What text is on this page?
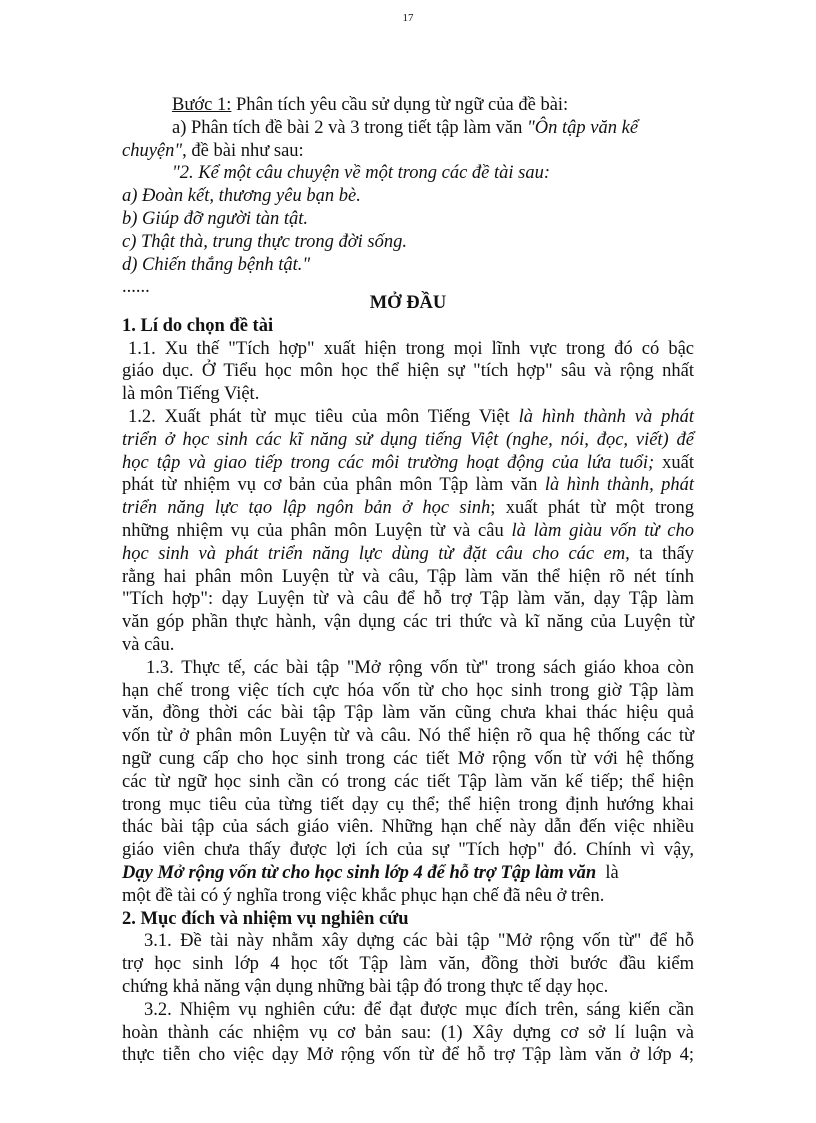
17
Bước 1: Phân tích yêu cầu sử dụng từ ngữ của đề bài:
a) Phân tích đề bài 2 và 3 trong tiết tập làm văn "Ôn tập văn kể
chuyện", đề bài như sau:
"2. Kể một câu chuyện về một trong các đề tài sau:
a) Đoàn kết, thương yêu bạn bè.
b) Giúp đỡ người tàn tật.
c) Thật thà, trung thực trong đời sống.
d) Chiến thắng bệnh tật."
......
MỞ ĐẦU
1. Lí do chọn đề tài
1.1. Xu thế "Tích hợp" xuất hiện trong mọi lĩnh vực trong đó có bậc
giáo dục. Ở Tiểu học môn học thể hiện sự "tích hợp" sâu và rộng nhất
là môn Tiếng Việt.
1.2. Xuất phát từ mục tiêu của môn Tiếng Việt là hình thành và phát
triển ở học sinh các kĩ năng sử dụng tiếng Việt (nghe, nói, đọc, viết) để
học tập và giao tiếp trong các môi trường hoạt động của lứa tuổi; xuất
phát từ nhiệm vụ cơ bản của phân môn Tập làm văn là hình thành, phát
triển năng lực tạo lập ngôn bản ở học sinh; xuất phát từ một trong
những nhiệm vụ của phân môn Luyện từ và câu là làm giàu vốn từ cho
học sinh và phát triển năng lực dùng từ đặt câu cho các em, ta thấy
rằng hai phân môn Luyện từ và câu, Tập làm văn thể hiện rõ nét tính
"Tích hợp": dạy Luyện từ và câu để hỗ trợ Tập làm văn, dạy Tập làm
văn góp phần thực hành, vận dụng các tri thức và kĩ năng của Luyện từ
và câu.
1.3. Thực tế, các bài tập "Mở rộng vốn từ" trong sách giáo khoa còn
hạn chế trong việc tích cực hóa vốn từ cho học sinh trong giờ Tập làm
văn, đồng thời các bài tập Tập làm văn cũng chưa khai thác hiệu quả
vốn từ ở phân môn Luyện từ và câu. Nó thể hiện rõ qua hệ thống các từ
ngữ cung cấp cho học sinh trong các tiết Mở rộng vốn từ với hệ thống
các từ ngữ học sinh cần có trong các tiết Tập làm văn kế tiếp; thể hiện
trong mục tiêu của từng tiết dạy cụ thể; thể hiện trong định hướng khai
thác bài tập của sách giáo viên. Những hạn chế này dẫn đến việc nhiều
giáo viên chưa thấy được lợi ích của sự "Tích hợp" đó. Chính vì vậy,
Dạy Mở rộng vốn từ cho học sinh lớp 4 để hỗ trợ Tập làm văn  là
một đề tài có ý nghĩa trong việc khắc phục hạn chế đã nêu ở trên.
2. Mục đích và nhiệm vụ nghiên cứu
3.1. Đề tài này nhằm xây dựng các bài tập "Mở rộng vốn từ" để hỗ
trợ học sinh lớp 4 học tốt Tập làm văn, đồng thời bước đầu kiểm
chứng khả năng vận dụng những bài tập đó trong thực tế dạy học.
3.2. Nhiệm vụ nghiên cứu: để đạt được mục đích trên, sáng kiến cần
hoàn thành các nhiệm vụ cơ bản sau: (1) Xây dựng cơ sở lí luận và
thực tiễn cho việc dạy Mở rộng vốn từ để hỗ trợ Tập làm văn ở lớp 4;
